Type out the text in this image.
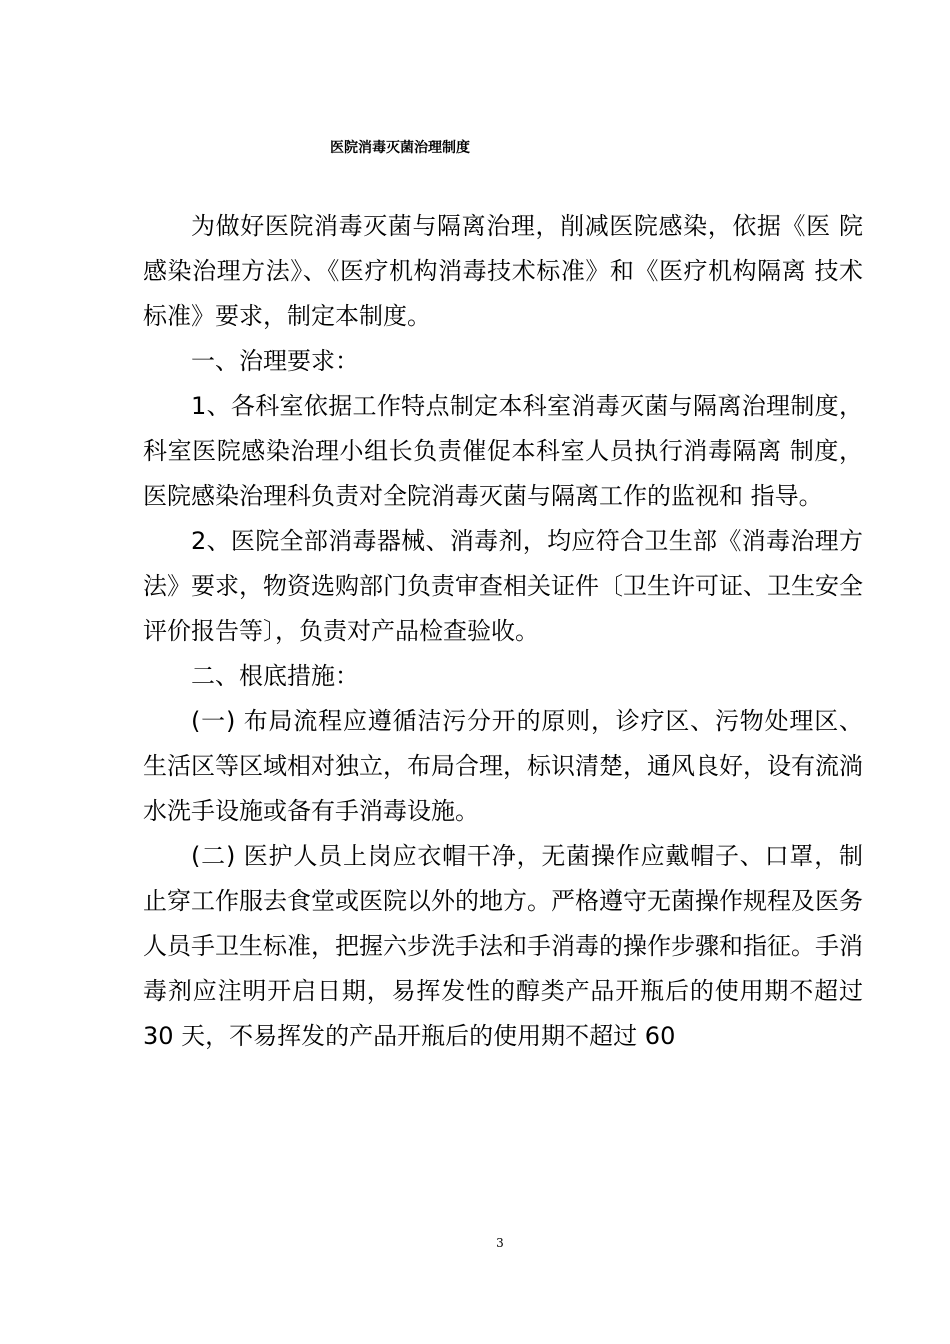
医院消毒灭菌治理制度

为做好医院消毒灭菌与隔离治理，削减医院感染，依据《医 院感染治理方法》、《医疗机构消毒技术标准》和《医疗机构隔离 技术标准》要求，制定本制度。

一、治理要求：

1、各科室依据工作特点制定本科室消毒灭菌与隔离治理制度，科室医院感染治理小组长负责催促本科室人员执行消毒隔离 制度，医院感染治理科负责对全院消毒灭菌与隔离工作的监视和 指导。

2、医院全部消毒器械、消毒剂，均应符合卫生部《消毒治理方法》要求，物资选购部门负责审查相关证件〔卫生许可证、卫生安全评价报告等〕，负责对产品检查验收。

二、根底措施：

(一) 布局流程应遵循洁污分开的原则，诊疗区、污物处理区、生活区等区域相对独立，布局合理，标识清楚，通风良好，设有流淌水洗手设施或备有手消毒设施。

(二) 医护人员上岗应衣帽干净，无菌操作应戴帽子、口罩，制止穿工作服去食堂或医院以外的地方。严格遵守无菌操作规程及医务人员手卫生标准，把握六步洗手法和手消毒的操作步骤和指征。手消毒剂应注明开启日期，易挥发性的醇类产品开瓶后的使用期不超过 30 天，不易挥发的产品开瓶后的使用期不超过 60

3
